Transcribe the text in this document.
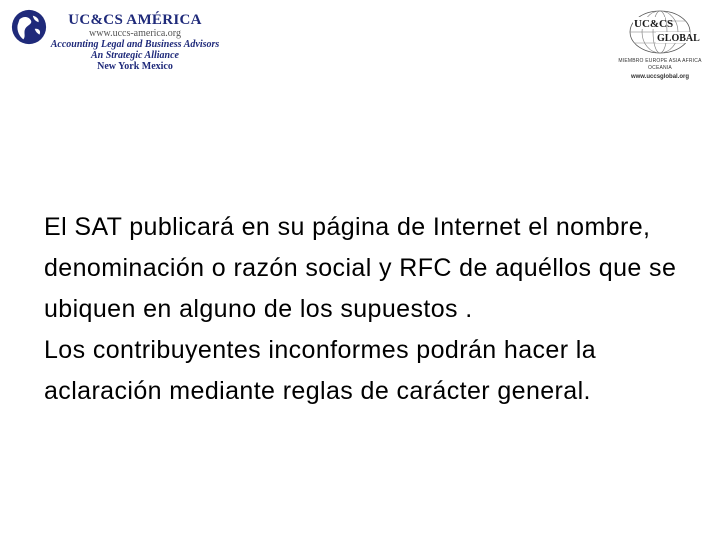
UC&CS AMÉRICA
www.uccs-america.org
Accounting Legal and Business Advisors
An Strategic Alliance
New York Mexico
UC&CS
GLOBAL
MIEMBRO EUROPE ASIA AFRICA OCEANIA
www.uccsglobal.org

El SAT publicará en su página de Internet el nombre, denominación o razón social y RFC de aquéllos que se ubiquen en alguno de los supuestos .

Los contribuyentes inconformes podrán hacer la aclaración mediante reglas de carácter general.
